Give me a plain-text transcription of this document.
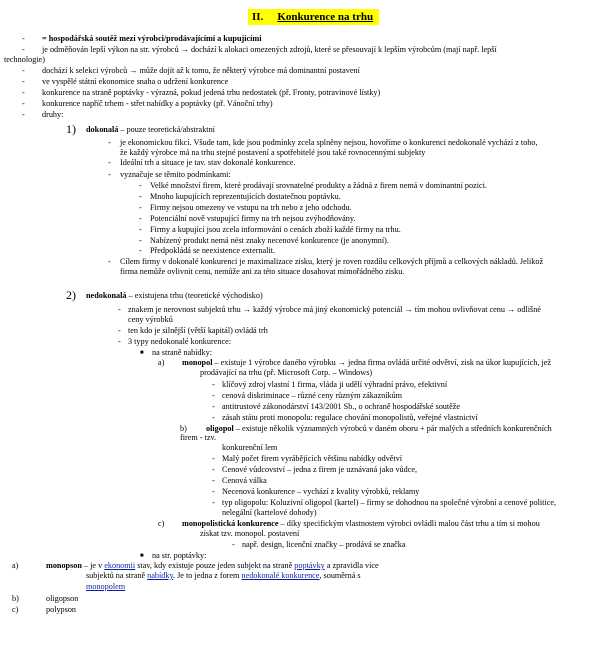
II. Konkurence na trhu
- = hospodářská soutěž mezi výrobci/prodávajícími a kupujícími
- je odměňován lepší výkon na str. výrobců → dochází k alokaci omezených zdrojů, které se přesouvají k lepším výrobcům (mají např. lepší
technologie)
- dochází k selekci výrobců → může dojít až k tomu, že některý výrobce má dominantní postavení
- ve vyspělé státní ekonomice snaha o udržení konkurence
- konkurence na straně poptávky - výrazná, pokud jedená trhu nedostatek (př. Fronty, potravinové lístky)
- konkurence napříč trhem - střet nabídky a poptávky (př. Vánoční trhy)
- druhy:
1) dokonalá – pouze teoretická/abstraktní
- je ekonomickou fikcí. Všude tam, kde jsou podmínky zcela splněny nejsou, hovoříme o konkurenci nedokonalé vychází z toho,
že každý výrobce má na trhu stejné postavení a spotřebitelé jsou také rovnocennými subjekty
- Ideální trh a situace je tav. stav dokonalé konkurence.
- vyznačuje se těmito podmínkami:
- Velké množství firem, které prodávají srovnatelné produkty a žádná z firem nemá v dominantní pozici.
- Mnoho kupujících reprezentujících dostatečnou poptávku.
- Firmy nejsou omezeny ve vstupu na trh nebo z jeho odchodu.
- Potenciální nově vstupující firmy na trh nejsou zvýhodňovány.
- Firmy a kupující jsou zcela informováni o cenách zboží každé firmy na trhu.
- Nabízený produkt nemá nést znaky necenové konkurence (je anonymní).
- Předpokládá se neexistence externalit.
- Cílem firmy v dokonalé konkurenci je maximalizace zisku, který je roven rozdílu celkových příjmů a celkových nákladů. Jelikož
firma nemůže ovlivnit cenu, nemůže ani za této situace dosahovat mimořádného zisku.
2) nedokonalá – existujena trhu (teoretické východisko)
- znakem je nerovnost subjektů trhu → každý výrobce má jiný ekonomický potenciál → tím mohou ovlivňovat cenu → odlišné
ceny výrobků
- ten kdo je silnější (větší kapitál) ovládá trh
- 3 typy nedokonalé konkurence:
■ na straně nabídky:
a) monopol – existuje 1 výrobce daného výrobku → jedna firma ovládá určité odvětví, zisk na úkor kupujících, jež
prodávající na trhu (př. Microsoft Corp. – Windows)
- klíčový zdroj vlastní 1 firma, vláda ji udělí výhradní právo, efektivní
- cenová diskriminace – různé ceny různým zákazníkům
- antitrustové zákonodárství 143/2001 Sb., o ochraně hospodářské soutěže
- zásah státu proti monopolu: regulace chování monopolistů, veřejné vlastnictví
b) oligopol – existuje několik významných výrobců v daném oboru + pár malých a středních konkurenčních
firem - tzv.
konkurenční lem
- Malý počet firem vyrábějících většinu nabídky odvětví
- Cenové vůdcovství – jedna z firem je uznávaná jako vůdce,
- Cenová válka
- Necenová konkurence – vychází z kvality výrobků, reklamy
- typ oligopolu: Koluzivní oligopol (kartel) – firmy se dohodnou na společné výrobní a cenové politice,
nelegální (kartelové dohody)
c) monopolistická konkurence – díky specifickým vlastnostem výrobci ovládli malou část trhu a tím si mohou
získat tzv. monopol. postavení
- např. design, licenční značky – prodává se značka
■ na str. poptávky:
a)	monopson – je v ekonomii stav, kdy existuje pouze jeden subjekt na straně poptávky a zpravidla více
subjektů na straně nabídky. Je to jedna z forem nedokonalé konkurence, souměrná s
monopolem
b)	oligopson
c)	polypson
